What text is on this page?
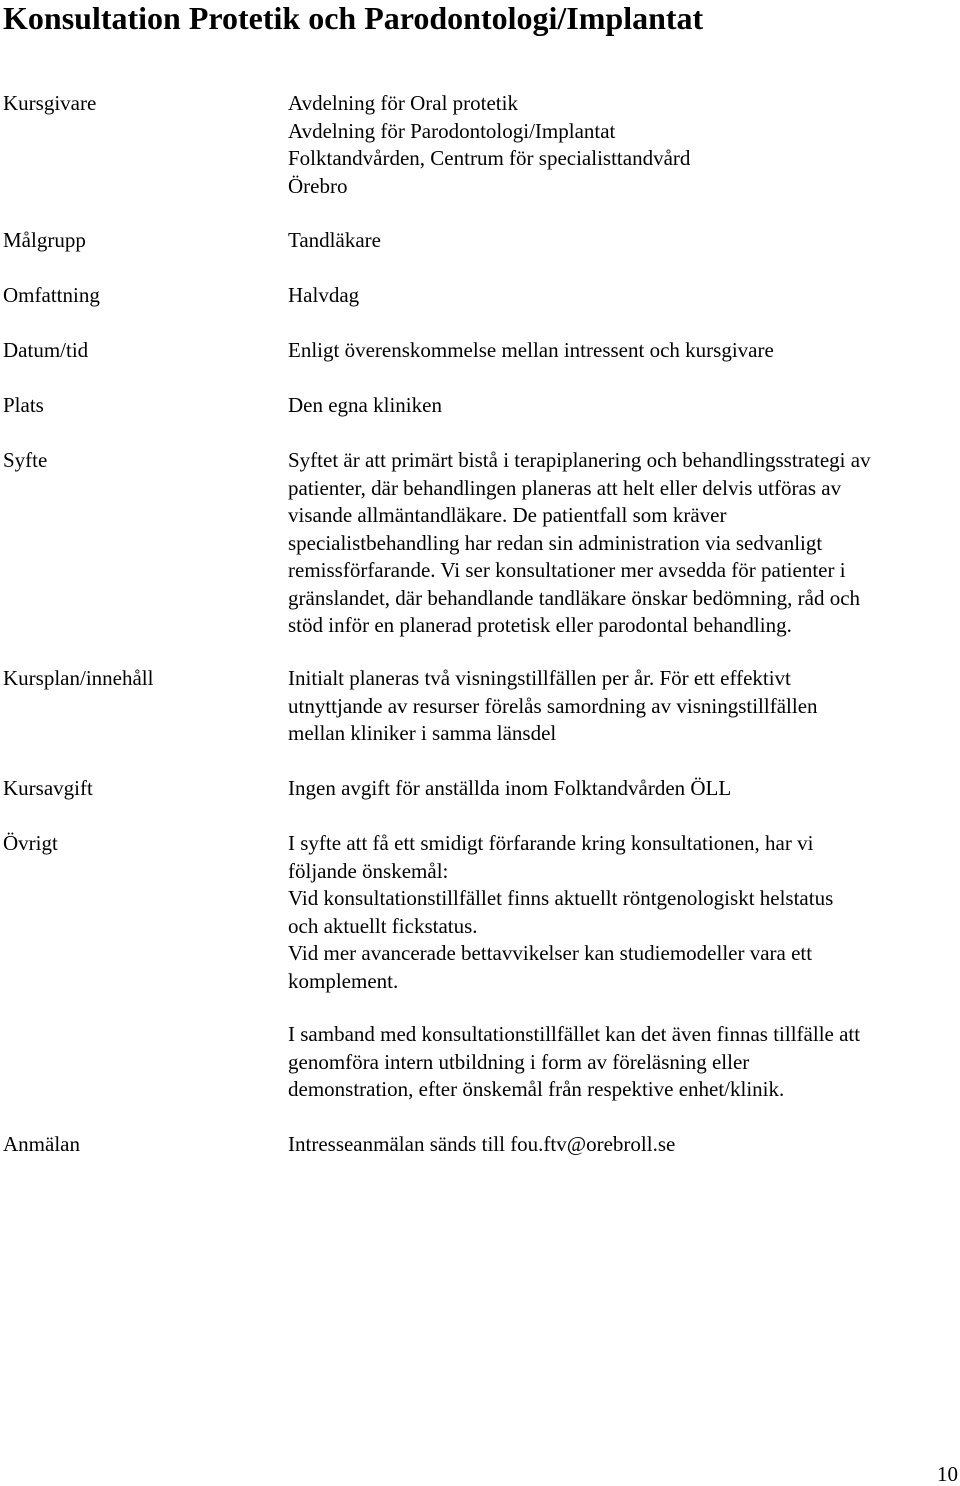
Konsultation Protetik och Parodontologi/Implantat
Kursgivare	Avdelning för Oral protetik
Avdelning för Parodontologi/Implantat
Folktandvården, Centrum för specialisttandvård
Örebro
Målgrupp	Tandläkare
Omfattning	Halvdag
Datum/tid	Enligt överenskommelse mellan intressent och kursgivare
Plats	Den egna kliniken
Syfte	Syftet är att primärt bistå i terapiplanering och behandlingsstrategi av
patienter, där behandlingen planeras att helt eller delvis utföras av
visande allmäntandläkare. De patientfall som kräver
specialistbehandling har redan sin administration via sedvanligt
remissförfarande. Vi ser konsultationer mer avsedda för patienter i
gränslandet, där behandlande tandläkare önskar bedömning, råd och
stöd inför en planerad protetisk eller parodontal behandling.
Kursplan/innehåll	Initialt planeras två visningstillfällen per år. För ett effektivt
utnyttjande av resurser förelås samordning av visningstillfällen
mellan kliniker i samma länsdel
Kursavgift	Ingen avgift för anställda inom Folktandvården ÖLL
Övrigt	I syfte att få ett smidigt förfarande kring konsultationen, har vi
följande önskemål:
Vid konsultationstillfället finns aktuellt röntgenologiskt helstatus
och aktuellt fickstatus.
Vid mer avancerade bettavvikelser kan studiemodeller vara ett
komplement.
I samband med konsultationstillfället kan det även finnas tillfälle att
genomföra intern utbildning i form av föreläsning eller
demonstration, efter önskemål från respektive enhet/klinik.
Anmälan	Intresseanmälan sänds till fou.ftv@orebroll.se
10
